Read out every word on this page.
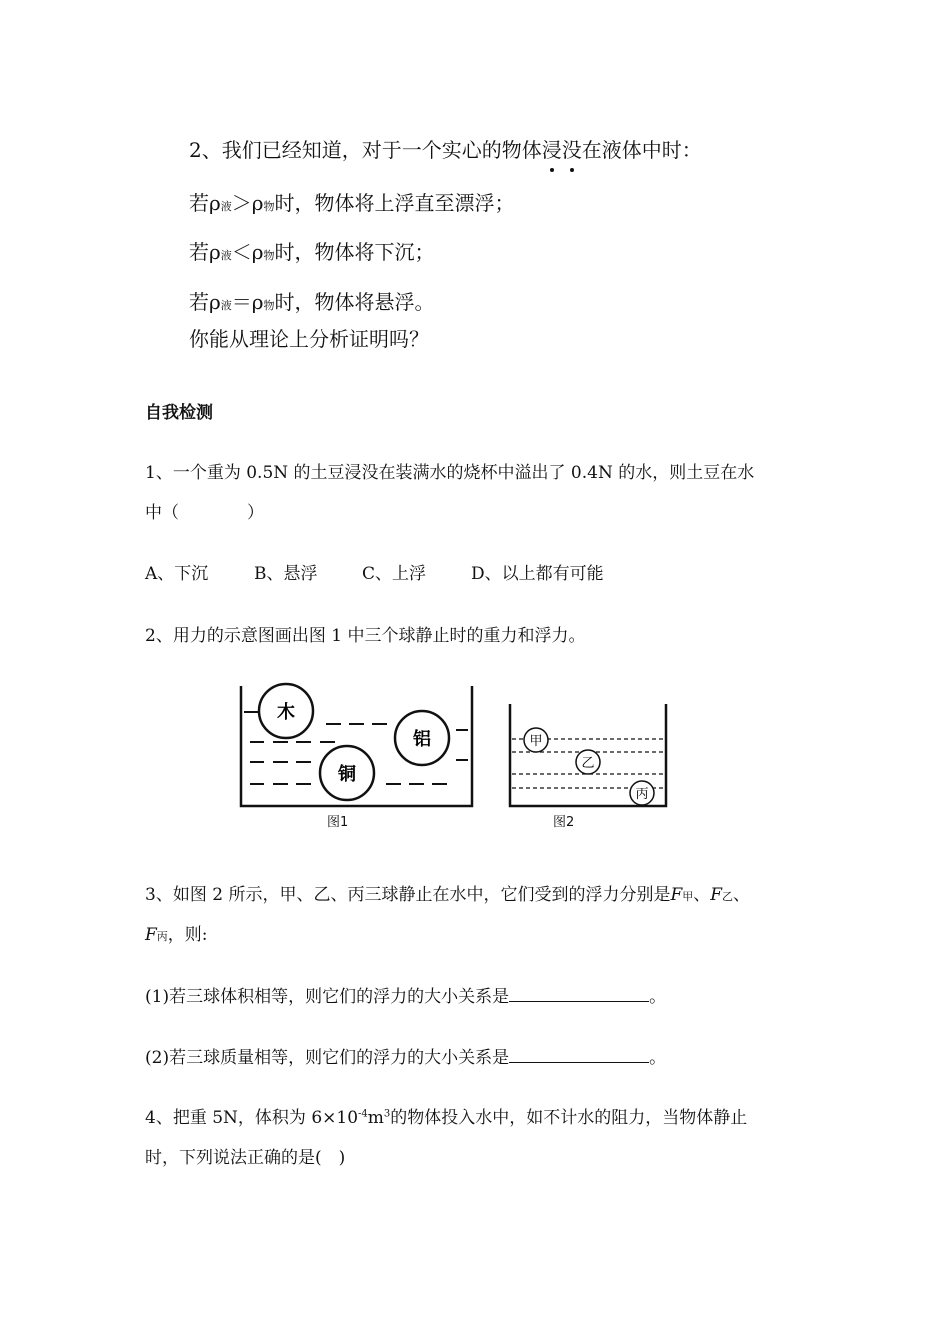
2、我们已经知道，对于一个实心的物体浸没在液体中时：
若ρ液＞ρ物时，物体将上浮直至漂浮；
若ρ液＜ρ物时，物体将下沉；
若ρ液＝ρ物时，物体将悬浮。
你能从理论上分析证明吗？
自我检测
1、一个重为 0.5N 的土豆浸没在装满水的烧杯中溢出了 0.4N 的水，则土豆在水
中（　　　　）
A、下沉	B、悬浮	C、上浮	D、以上都有可能
2、用力的示意图画出图 1 中三个球静止时的重力和浮力。
木
铝
铜
图1
甲
乙
丙
图2
3、如图 2 所示，甲、乙、丙三球静止在水中，它们受到的浮力分别是F甲、F乙、
F丙，则:
(1)若三球体积相等，则它们的浮力的大小关系是	。
(2)若三球质量相等，则它们的浮力的大小关系是	。
4、把重 5N，体积为 $6\times 10^{-4}m^3$的物体投入水中，如不计水的阻力，当物体静止
时，下列说法正确的是(　)
